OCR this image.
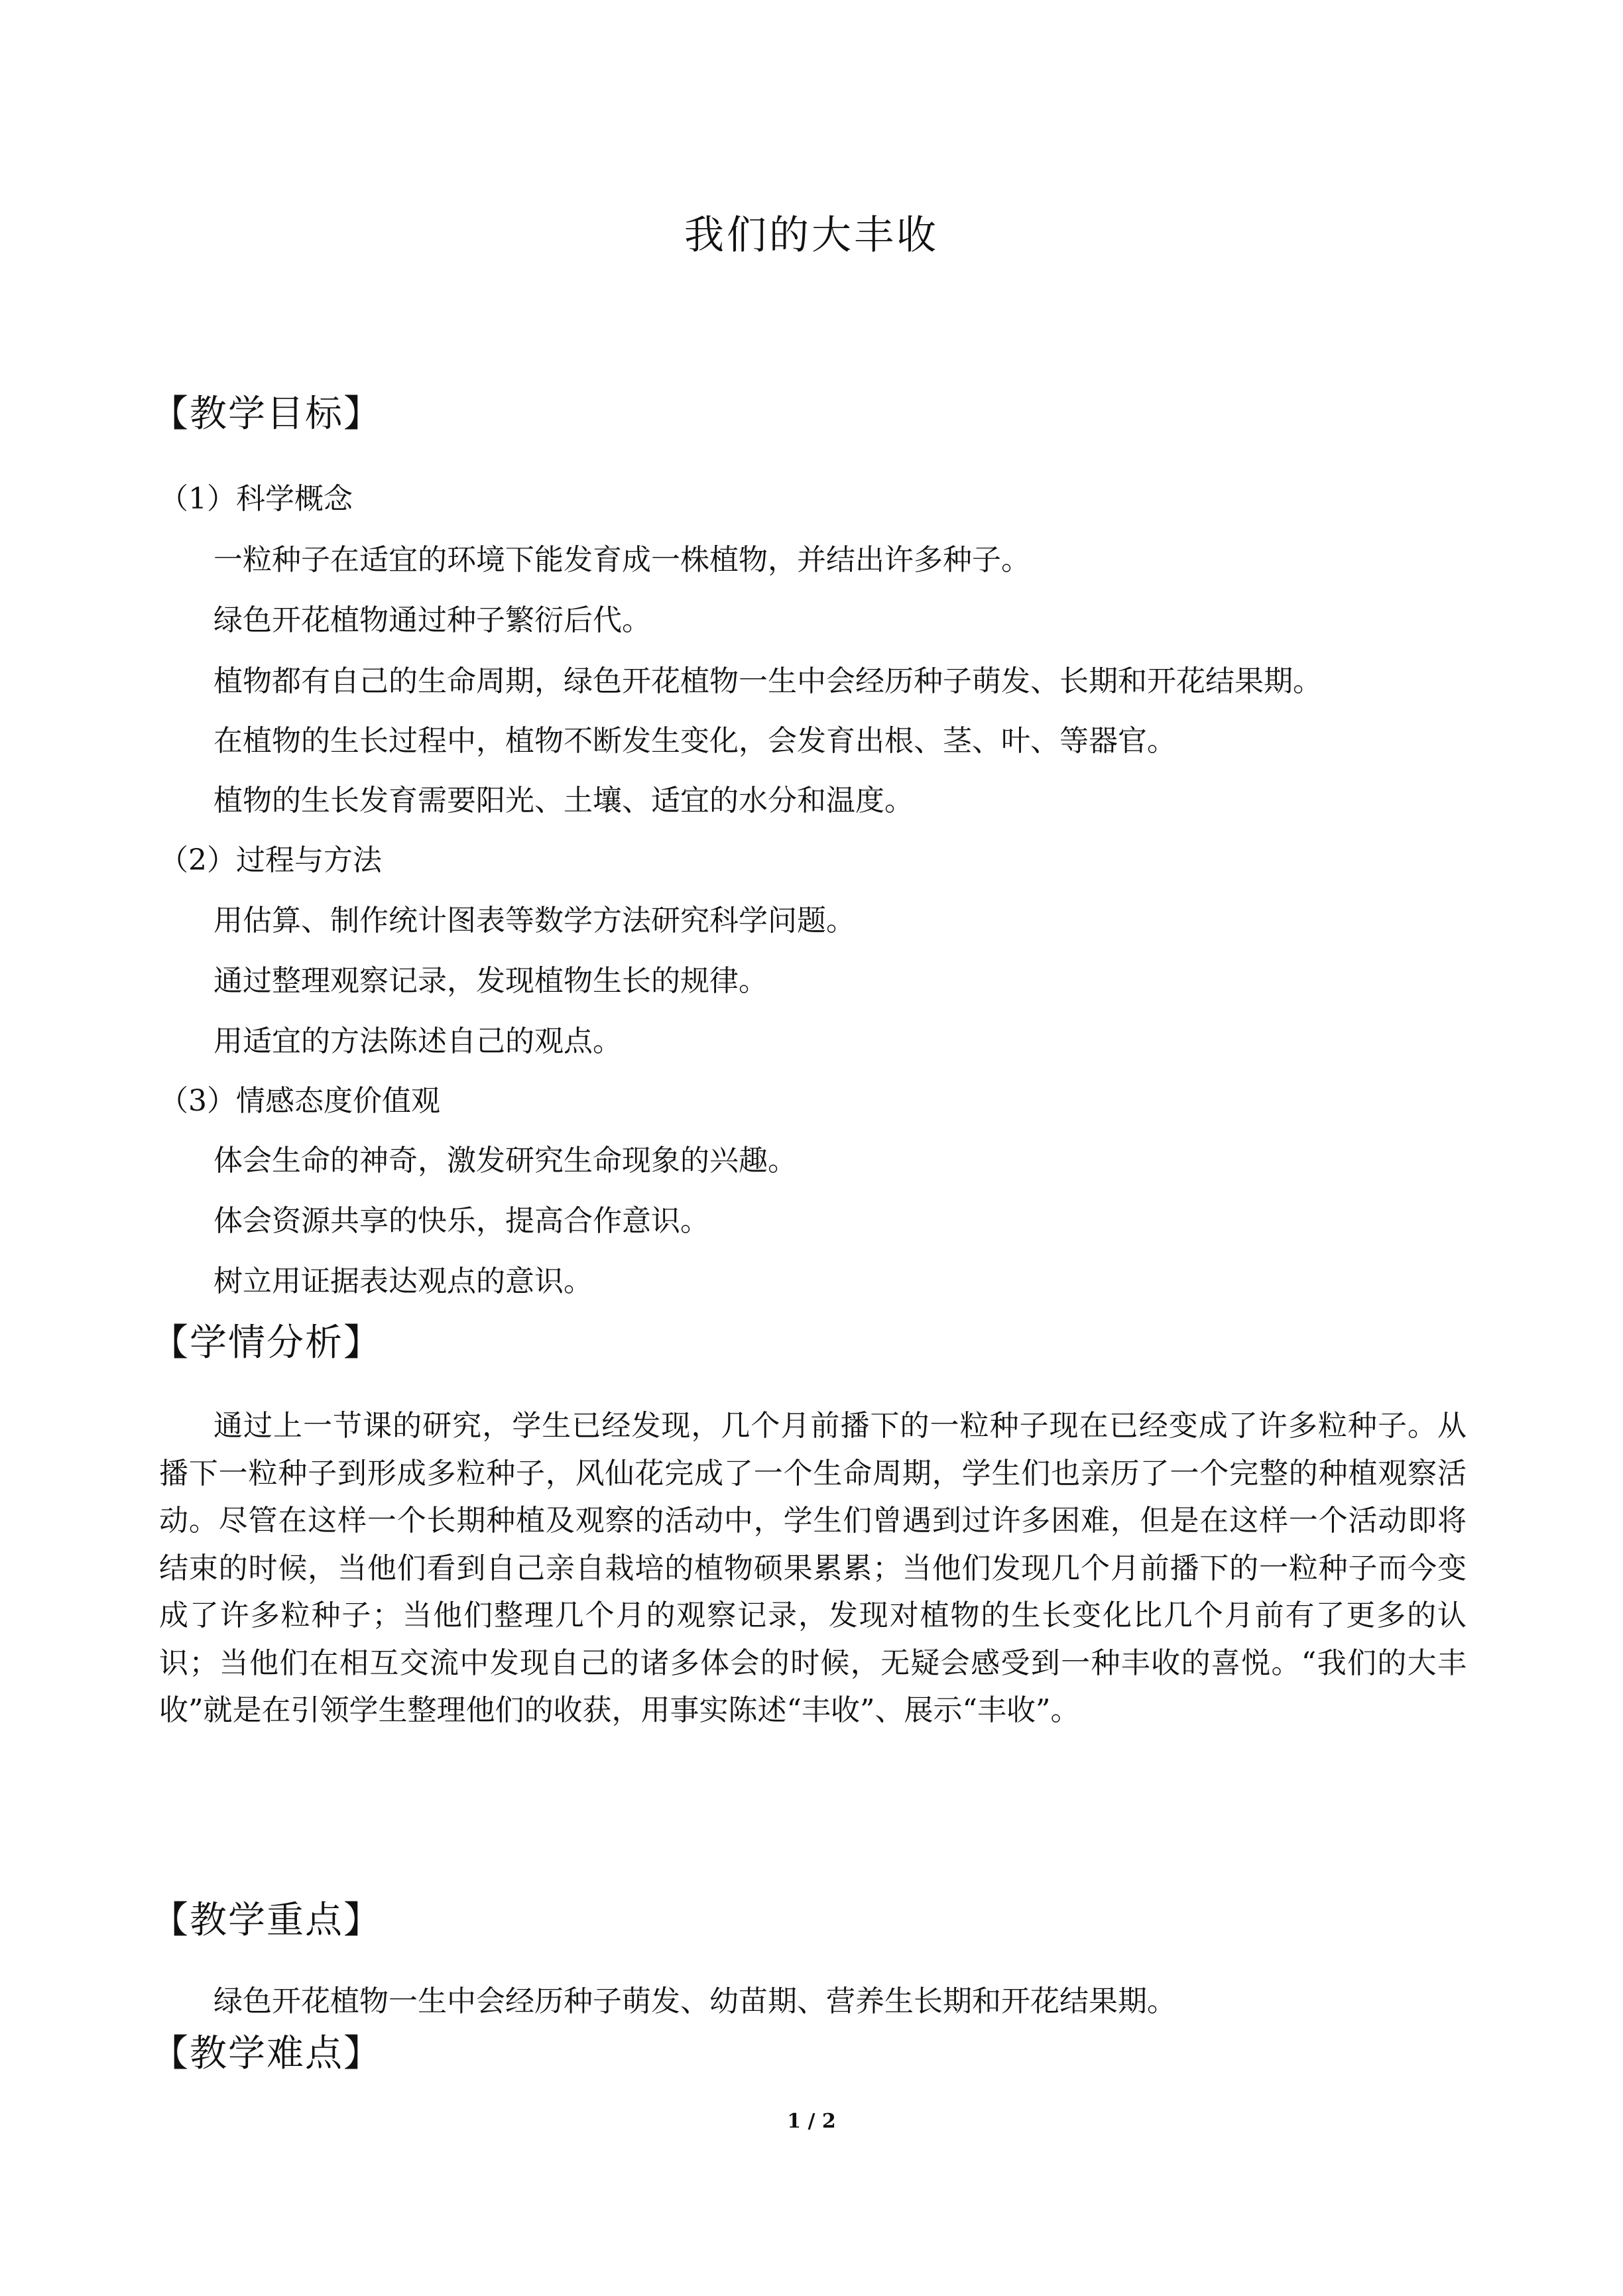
我们的大丰收
【教学目标】
（1）科学概念
一粒种子在适宜的环境下能发育成一株植物，并结出许多种子。
绿色开花植物通过种子繁衍后代。
植物都有自己的生命周期，绿色开花植物一生中会经历种子萌发、长期和开花结果期。
在植物的生长过程中，植物不断发生变化，会发育出根、茎、叶、等器官。
植物的生长发育需要阳光、土壤、适宜的水分和温度。
（2）过程与方法
用估算、制作统计图表等数学方法研究科学问题。
通过整理观察记录，发现植物生长的规律。
用适宜的方法陈述自己的观点。
（3）情感态度价值观
体会生命的神奇，激发研究生命现象的兴趣。
体会资源共享的快乐，提高合作意识。
树立用证据表达观点的意识。
【学情分析】

通过上一节课的研究，学生已经发现，几个月前播下的一粒种子现在已经变成了许多粒种子。从播下一粒种子到形成多粒种子，风仙花完成了一个生命周期，学生们也亲历了一个完整的种植观察活动。尽管在这样一个长期种植及观察的活动中，学生们曾遇到过许多困难，但是在这样一个活动即将结束的时候，当他们看到自己亲自栽培的植物硕果累累；当他们发现几个月前播下的一粒种子而今变成了许多粒种子；当他们整理几个月的观察记录，发现对植物的生长变化比几个月前有了更多的认识；当他们在相互交流中发现自己的诸多体会的时候，无疑会感受到一种丰收的喜悦。“我们的大丰收”就是在引领学生整理他们的收获，用事实陈述“丰收”、展示“丰收”。

【教学重点】
绿色开花植物一生中会经历种子萌发、幼苗期、营养生长期和开花结果期。
【教学难点】
1 / 2
